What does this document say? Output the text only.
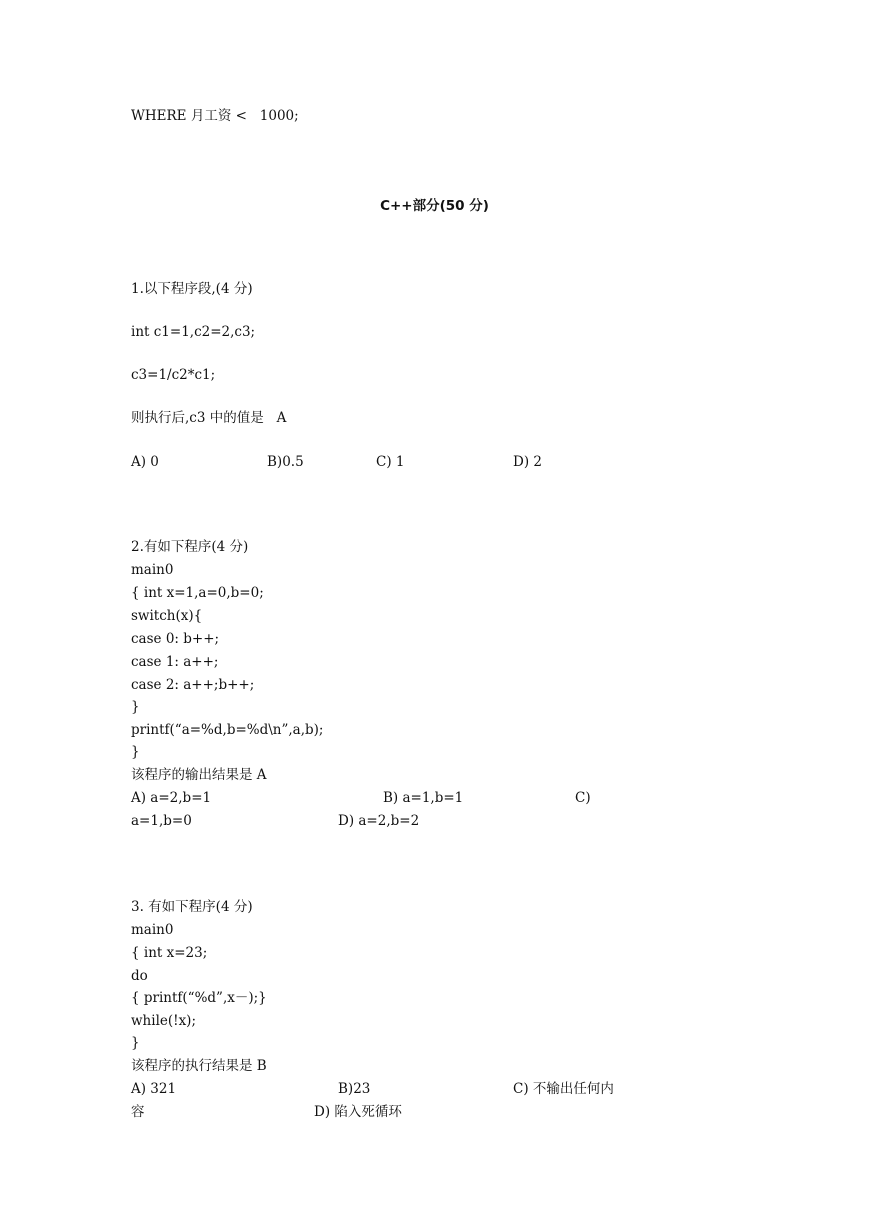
WHERE 月工资 <   1000;
C++部分(50 分)
1.以下程序段,(4 分)
int c1=1,c2=2,c3;
c3=1/c2*c1;
则执行后,c3 中的值是   A
A) 0	B)0.5	C) 1	D) 2
2.有如下程序(4 分)
main0
{ int x=1,a=0,b=0;
switch(x){
case 0: b++;
case 1: a++;
case 2: a++;b++;
}
printf(“a=%d,b=%d\n”,a,b);
}
该程序的输出结果是 A
A) a=2,b=1	B) a=1,b=1	C)
a=1,b=0	D) a=2,b=2
3. 有如下程序(4 分)
main0
{ int x=23;
do
{ printf(“%d”,x－);}
while(!x);
}
该程序的执行结果是 B
A) 321	B)23	C) 不输出任何内
容	D) 陷入死循环
